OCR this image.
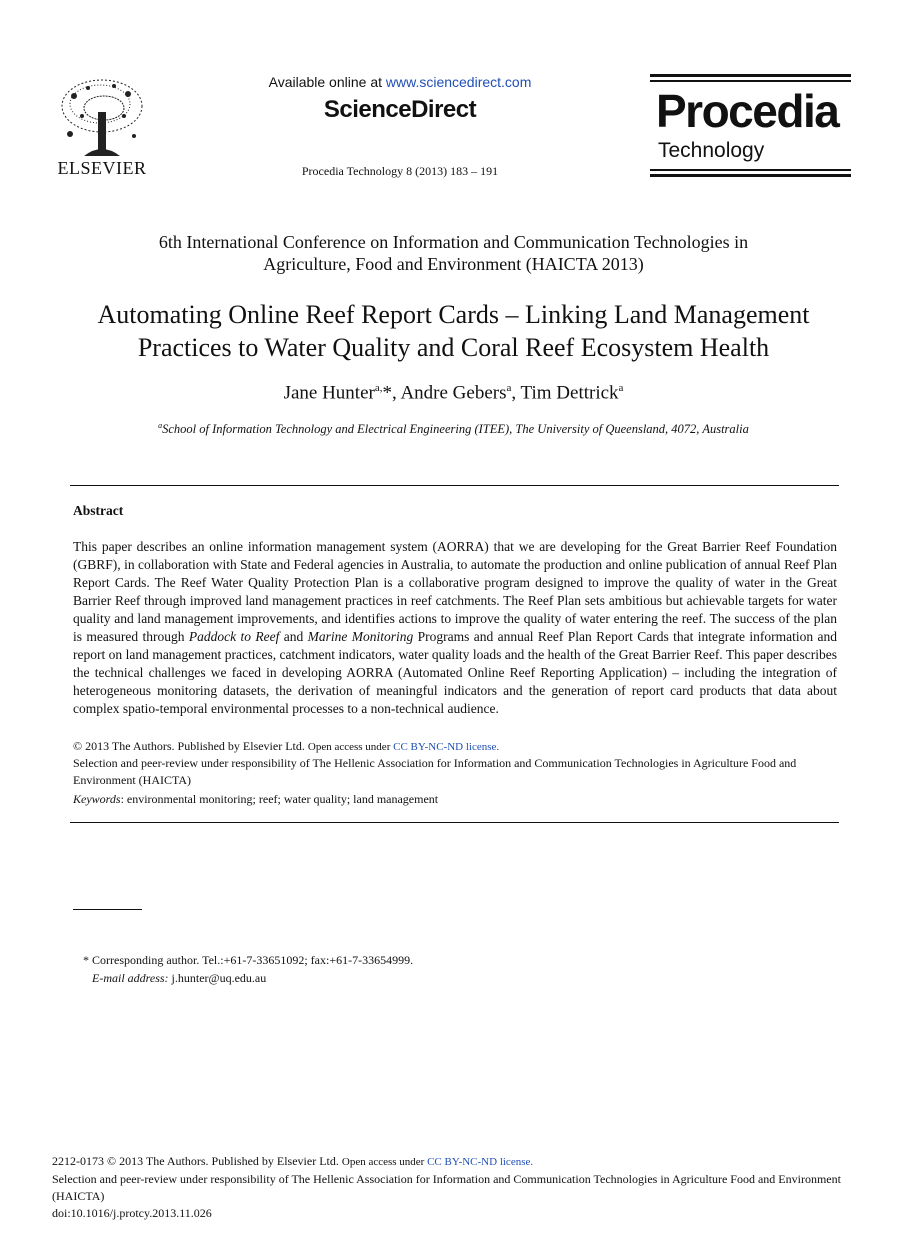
ELSEVIER
Available online at www.sciencedirect.com
ScienceDirect
Procedia Technology 8 (2013) 183 – 191
Procedia
Technology
6th International Conference on Information and Communication Technologies in
Agriculture, Food and Environment (HAICTA 2013)
Automating Online Reef Report Cards – Linking Land Management
Practices to Water Quality and Coral Reef Ecosystem Health
Jane Hunter$^{a,}$*, Andre Gebers$^a$, Tim Dettrick$^a$
$^a$School of Information Technology and Electrical Engineering (ITEE), The University of Queensland, 4072, Australia
Abstract
This paper describes an online information management system (AORRA) that we are developing for the Great Barrier Reef Foundation (GBRF), in collaboration with State and Federal agencies in Australia, to automate the production and online publication of annual Reef Plan Report Cards. The Reef Water Quality Protection Plan is a collaborative program designed to improve the quality of water in the Great Barrier Reef through improved land management practices in reef catchments. The Reef Plan sets ambitious but achievable targets for water quality and land management improvements, and identifies actions to improve the quality of water entering the reef. The success of the plan is measured through Paddock to Reef and Marine Monitoring Programs and annual Reef Plan Report Cards that integrate information and report on land management practices, catchment indicators, water quality loads and the health of the Great Barrier Reef. This paper describes the technical challenges we faced in developing AORRA (Automated Online Reef Reporting Application) – including the integration of heterogeneous monitoring datasets, the derivation of meaningful indicators and the generation of report card products that data about complex spatio-temporal environmental processes to a non-technical audience.
© 2013 The Authors. Published by Elsevier Ltd. Open access under CC BY-NC-ND license.
Selection and peer-review under responsibility of The Hellenic Association for Information and Communication Technologies in Agriculture Food and Environment (HAICTA)
Keywords: environmental monitoring; reef; water quality; land management
* Corresponding author. Tel.:+61-7-33651092; fax:+61-7-33654999.
E-mail address: j.hunter@uq.edu.au
2212-0173 © 2013 The Authors. Published by Elsevier Ltd. Open access under CC BY-NC-ND license.
Selection and peer-review under responsibility of The Hellenic Association for Information and Communication Technologies in Agriculture Food and Environment (HAICTA)
doi:10.1016/j.protcy.2013.11.026
